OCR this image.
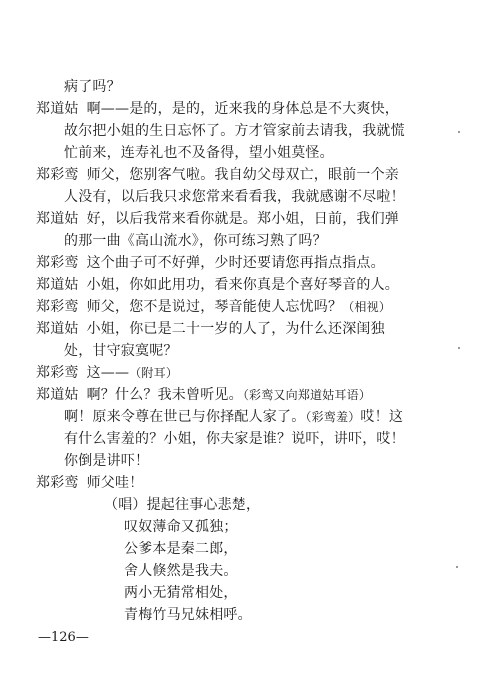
病了吗？
郑道姑 啊——是的，是的，近来我的身体总是不大爽快，
故尔把小姐的生日忘怀了。方才管家前去请我，我就慌
忙前来，连寿礼也不及备得，望小姐莫怪。
郑彩鸾 师父，您别客气啦。我自幼父母双亡，眼前一个亲
人没有，以后我只求您常来看看我，我就感谢不尽啦！
郑道姑 好，以后我常来看你就是。郑小姐，日前，我们弹
的那一曲《高山流水》，你可练习熟了吗？
郑彩鸾 这个曲子可不好弹，少时还要请您再指点指点。
郑道姑 小姐，你如此用功，看来你真是个喜好琴音的人。
郑彩鸾 师父，您不是说过，琴音能使人忘忧吗？（相视）
郑道姑 小姐，你已是二十一岁的人了，为什么还深闺独
处，甘守寂寞呢？
郑彩鸾 这——（附耳）
郑道姑 啊？什么？我未曾听见。（彩鸾又向郑道姑耳语）
啊！原来令尊在世已与你择配人家了。（彩鸾羞）哎！这
有什么害羞的？小姐，你夫家是谁？说吓，讲吓，哎！
你倒是讲吓！
郑彩鸾 师父哇！
（唱）提起往事心悲楚，
叹奴薄命又孤独；
公爹本是秦二郎，
舍人倏然是我夫。
两小无猜常相处，
青梅竹马兄妹相呼。
—126—
